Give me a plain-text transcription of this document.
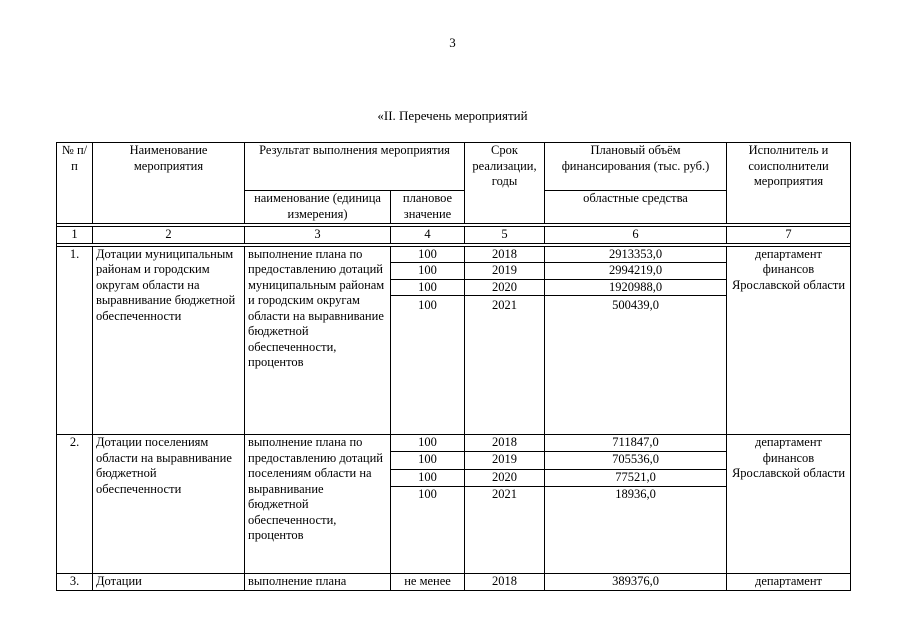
3
«II. Перечень мероприятий
№ п/п	Наименование мероприятия	Результат выполнения мероприятия		Срок реализации, годы	Плановый объём финансирования (тыс. руб.)	Исполнитель и соисполнители мероприятия
		наименование (единица измерения)	плановое значение		областные средства	

1	2	3	4	5	6	7

1.	Дотации муниципальным районам и городским округам области на выравнивание бюджетной обеспеченности	выполнение плана по предоставлению дотаций муниципальным районам и городским округам области на выравнивание бюджетной обеспеченности, процентов	100	2018	2913353,0	департамент финансов Ярославской области
			100	2019	2994219,0	
			100	2020	1920988,0	
			100	2021	500439,0	
2.	Дотации поселениям области на выравнивание бюджетной обеспеченности	выполнение плана по предоставлению дотаций поселениям области на выравнивание бюджетной обеспеченности, процентов	100	2018	711847,0	департамент финансов Ярославской области
			100	2019	705536,0	
			100	2020	77521,0	
			100	2021	18936,0	
3.	Дотации	выполнение плана	не менее	2018	389376,0	департамент
